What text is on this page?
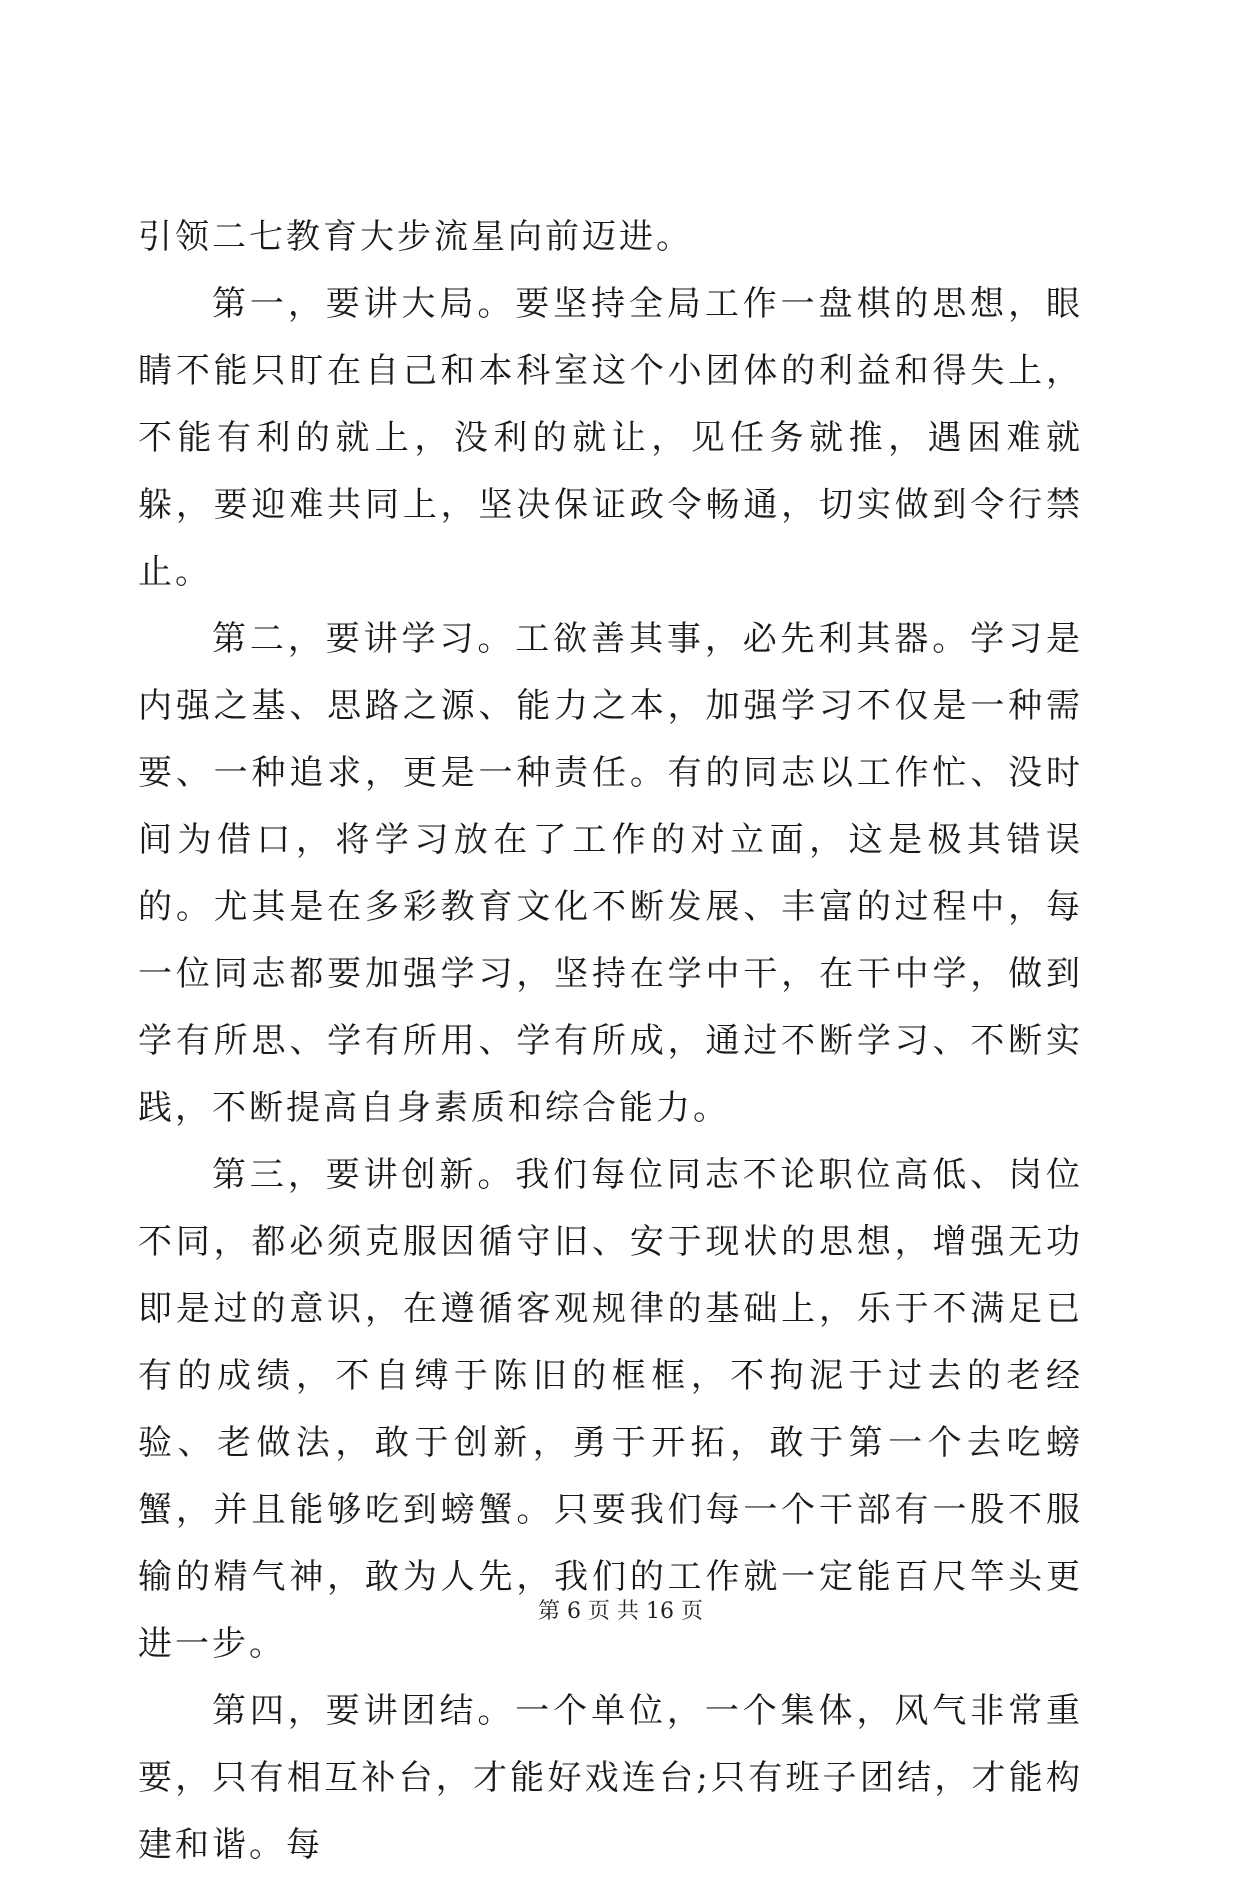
引领二七教育大步流星向前迈进。

第一，要讲大局。要坚持全局工作一盘棋的思想，眼睛不能只盯在自己和本科室这个小团体的利益和得失上，不能有利的就上，没利的就让，见任务就推，遇困难就躲，要迎难共同上，坚决保证政令畅通，切实做到令行禁止。

第二，要讲学习。工欲善其事，必先利其器。学习是内强之基、思路之源、能力之本，加强学习不仅是一种需要、一种追求，更是一种责任。有的同志以工作忙、没时间为借口，将学习放在了工作的对立面，这是极其错误的。尤其是在多彩教育文化不断发展、丰富的过程中，每一位同志都要加强学习，坚持在学中干，在干中学，做到学有所思、学有所用、学有所成，通过不断学习、不断实践，不断提高自身素质和综合能力。

第三，要讲创新。我们每位同志不论职位高低、岗位不同，都必须克服因循守旧、安于现状的思想，增强无功即是过的意识，在遵循客观规律的基础上，乐于不满足已有的成绩，不自缚于陈旧的框框，不拘泥于过去的老经验、老做法，敢于创新，勇于开拓，敢于第一个去吃螃蟹，并且能够吃到螃蟹。只要我们每一个干部有一股不服输的精气神，敢为人先，我们的工作就一定能百尺竿头更进一步。

第四，要讲团结。一个单位，一个集体，风气非常重要，只有相互补台，才能好戏连台;只有班子团结，才能构建和谐。每

第 6 页 共 16 页
